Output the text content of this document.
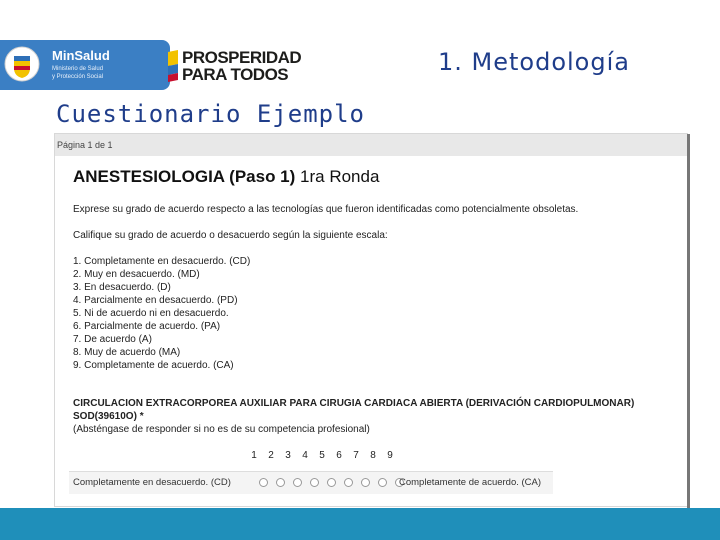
MinSalud
Ministerio de Salud
y Protección Social
PROSPERIDAD
PARA TODOS	1. Metodología
Cuestionario Ejemplo
Página 1 de 1
ANESTESIOLOGIA (Paso 1) 1ra Ronda
Exprese su grado de acuerdo respecto a las tecnologías que fueron identificadas como potencialmente obsoletas.
Califique su grado de acuerdo o desacuerdo según la siguiente escala:
1. Completamente en desacuerdo. (CD)
2. Muy en desacuerdo. (MD)
3. En desacuerdo. (D)
4. Parcialmente en desacuerdo. (PD)
5. Ni de acuerdo ni en desacuerdo.
6. Parcialmente de acuerdo. (PA)
7. De acuerdo (A)
8. Muy de acuerdo (MA)
9. Completamente de acuerdo. (CA)
CIRCULACION EXTRACORPOREA AUXILIAR PARA CIRUGIA CARDIACA ABIERTA (DERIVACIÓN CARDIOPULMONAR) SOD(39610O) *
(Absténgase de responder si no es de su competencia profesional)
1	2	3	4	5	6	7	8	9
Completamente en desacuerdo. (CD)	Completamente de acuerdo. (CA)
